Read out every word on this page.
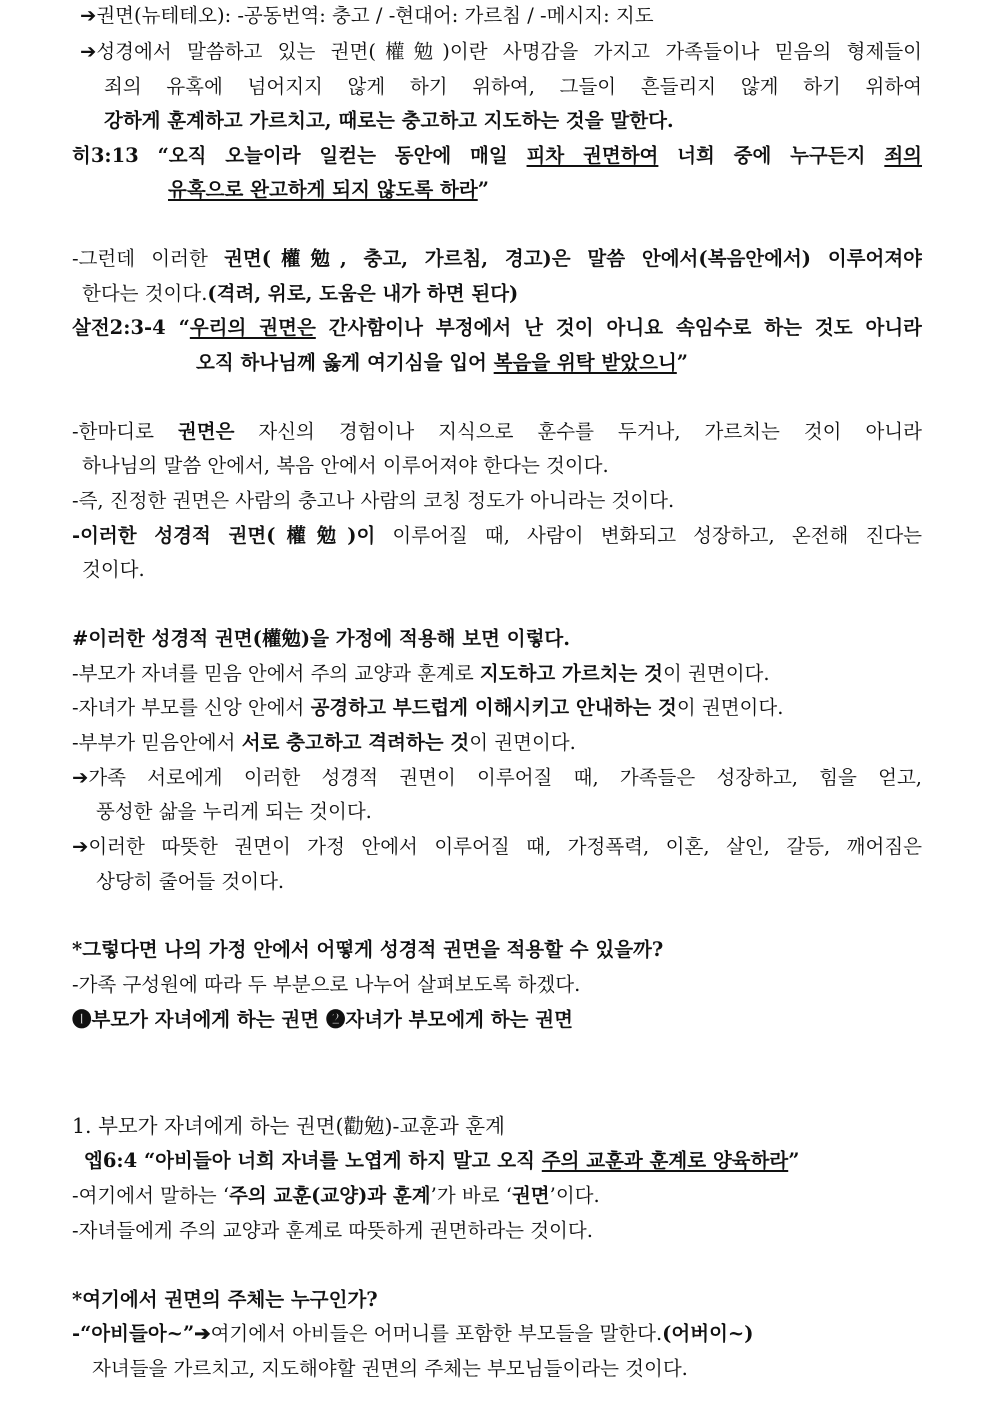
➔권면(뉴테테오): -공동번역: 충고 / -현대어: 가르침 / -메시지: 지도
➔성경에서 말씀하고 있는 권면(權勉)이란 사명감을 가지고 가족들이나 믿음의 형제들이
죄의 유혹에 넘어지지 않게 하기 위하여, 그들이 흔들리지 않게 하기 위하여
강하게 훈계하고 가르치고, 때로는 충고하고 지도하는 것을 말한다.
히3:13 “오직 오늘이라 일컫는 동안에 매일 피차 권면하여 너희 중에 누구든지 죄의
유혹으로 완고하게 되지 않도록 하라”
-그런데 이러한 권면(權勉, 충고, 가르침, 경고)은 말씀 안에서(복음안에서) 이루어져야
한다는 것이다.(격려, 위로, 도움은 내가 하면 된다)
살전2:3-4 “우리의 권면은 간사함이나 부정에서 난 것이 아니요 속임수로 하는 것도 아니라
오직 하나님께 옳게 여기심을 입어 복음을 위탁 받았으니”
-한마디로 권면은 자신의 경험이나 지식으로 훈수를 두거나, 가르치는 것이 아니라
하나님의 말씀 안에서, 복음 안에서 이루어져야 한다는 것이다.
-즉, 진정한 권면은 사람의 충고나 사람의 코칭 정도가 아니라는 것이다.
-이러한 성경적 권면(權勉)이 이루어질 때, 사람이 변화되고 성장하고, 온전해 진다는
것이다.
#이러한 성경적 권면(權勉)을 가정에 적용해 보면 이렇다.
-부모가 자녀를 믿음 안에서 주의 교양과 훈계로 지도하고 가르치는 것이 권면이다.
-자녀가 부모를 신앙 안에서 공경하고 부드럽게 이해시키고 안내하는 것이 권면이다.
-부부가 믿음안에서 서로 충고하고 격려하는 것이 권면이다.
➔가족 서로에게 이러한 성경적 권면이 이루어질 때, 가족들은 성장하고, 힘을 얻고,
풍성한 삶을 누리게 되는 것이다.
➔이러한 따뜻한 권면이 가정 안에서 이루어질 때, 가정폭력, 이혼, 살인, 갈등, 깨어짐은
상당히 줄어들 것이다.
*그렇다면 나의 가정 안에서 어떻게 성경적 권면을 적용할 수 있을까?
-가족 구성원에 따라 두 부분으로 나누어 살펴보도록 하겠다.
❶부모가 자녀에게 하는 권면 ❷자녀가 부모에게 하는 권면
1. 부모가 자녀에게 하는 권면(勸勉)-교훈과 훈계
엡6:4 “아비들아 너희 자녀를 노엽게 하지 말고 오직 주의 교훈과 훈계로 양육하라”
-여기에서 말하는 ‘주의 교훈(교양)과 훈계’가 바로 ‘권면’이다.
-자녀들에게 주의 교양과 훈계로 따뜻하게 권면하라는 것이다.
*여기에서 권면의 주체는 누구인가?
-“아비들아~”➔여기에서 아비들은 어머니를 포함한 부모들을 말한다.(어버이~)
자녀들을 가르치고, 지도해야할 권면의 주체는 부모님들이라는 것이다.
